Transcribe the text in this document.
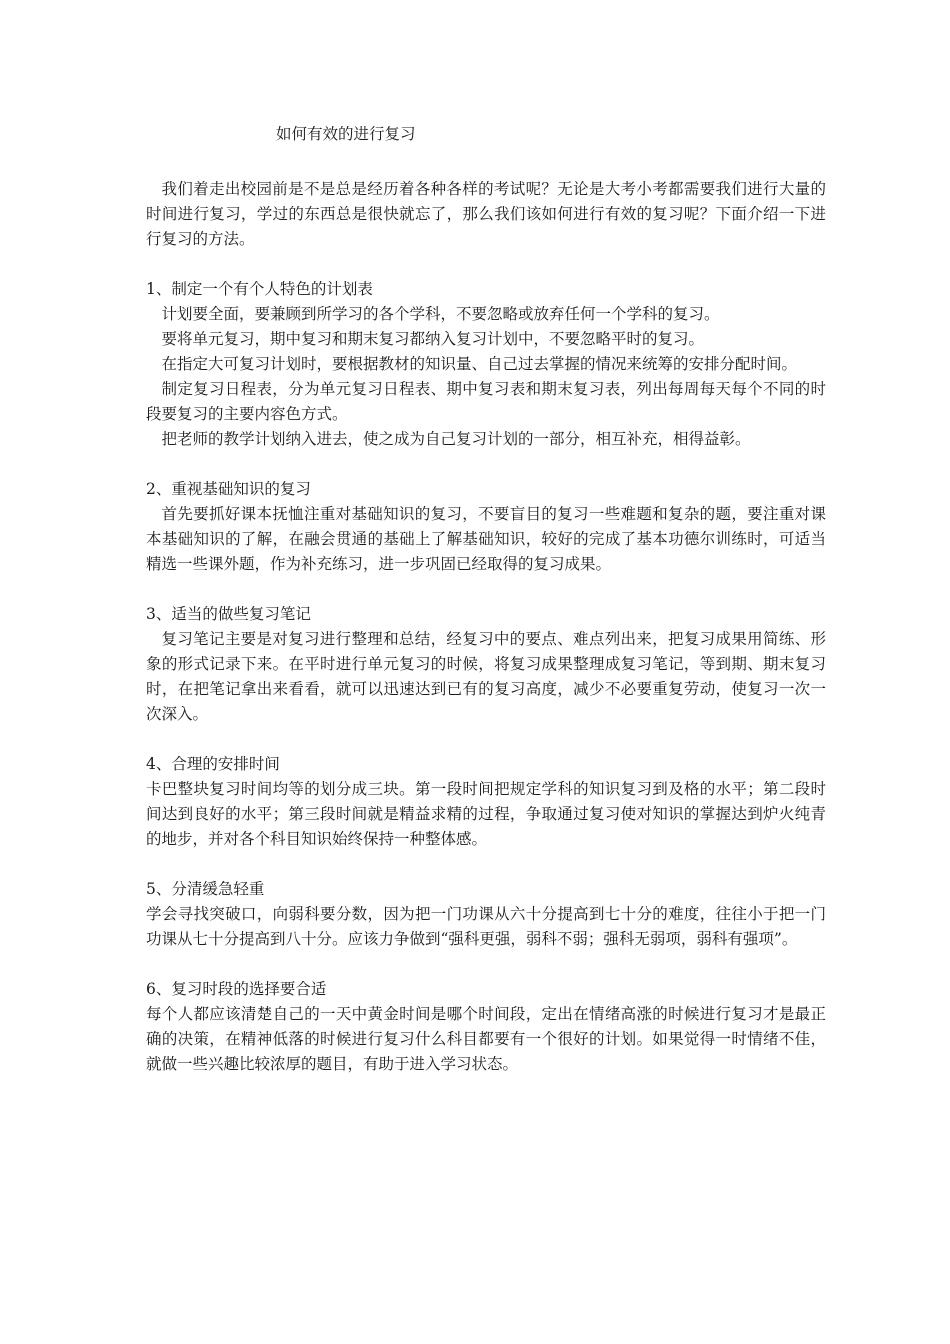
如何有效的进行复习

我们着走出校园前是不是总是经历着各种各样的考试呢？无论是大考小考都需要我们进行大量的时间进行复习，学过的东西总是很快就忘了，那么我们该如何进行有效的复习呢？下面介绍一下进行复习的方法。

1、制定一个有个人特色的计划表

计划要全面，要兼顾到所学习的各个学科，不要忽略或放弃任何一个学科的复习。

要将单元复习，期中复习和期末复习都纳入复习计划中，不要忽略平时的复习。

在指定大可复习计划时，要根据教材的知识量、自己过去掌握的情况来统筹的安排分配时间。

制定复习日程表，分为单元复习日程表、期中复习表和期末复习表，列出每周每天每个不同的时段要复习的主要内容色方式。

把老师的教学计划纳入进去，使之成为自己复习计划的一部分，相互补充，相得益彰。

2、重视基础知识的复习

首先要抓好课本抚恤注重对基础知识的复习，不要盲目的复习一些难题和复杂的题，要注重对课本基础知识的了解，在融会贯通的基础上了解基础知识，较好的完成了基本功德尔训练时，可适当精选一些课外题，作为补充练习，进一步巩固已经取得的复习成果。

3、适当的做些复习笔记

复习笔记主要是对复习进行整理和总结，经复习中的要点、难点列出来，把复习成果用简练、形象的形式记录下来。在平时进行单元复习的时候，将复习成果整理成复习笔记，等到期、期末复习时，在把笔记拿出来看看，就可以迅速达到已有的复习高度，减少不必要重复劳动，使复习一次一次深入。

4、合理的安排时间

卡巴整块复习时间均等的划分成三块。第一段时间把规定学科的知识复习到及格的水平；第二段时间达到良好的水平；第三段时间就是精益求精的过程，争取通过复习使对知识的掌握达到炉火纯青的地步，并对各个科目知识始终保持一种整体感。

5、分清缓急轻重

学会寻找突破口，向弱科要分数，因为把一门功课从六十分提高到七十分的难度，往往小于把一门功课从七十分提高到八十分。应该力争做到“强科更强，弱科不弱；强科无弱项，弱科有强项”。

6、复习时段的选择要合适

每个人都应该清楚自己的一天中黄金时间是哪个时间段，定出在情绪高涨的时候进行复习才是最正确的决策，在精神低落的时候进行复习什么科目都要有一个很好的计划。如果觉得一时情绪不佳，就做一些兴趣比较浓厚的题目，有助于进入学习状态。
